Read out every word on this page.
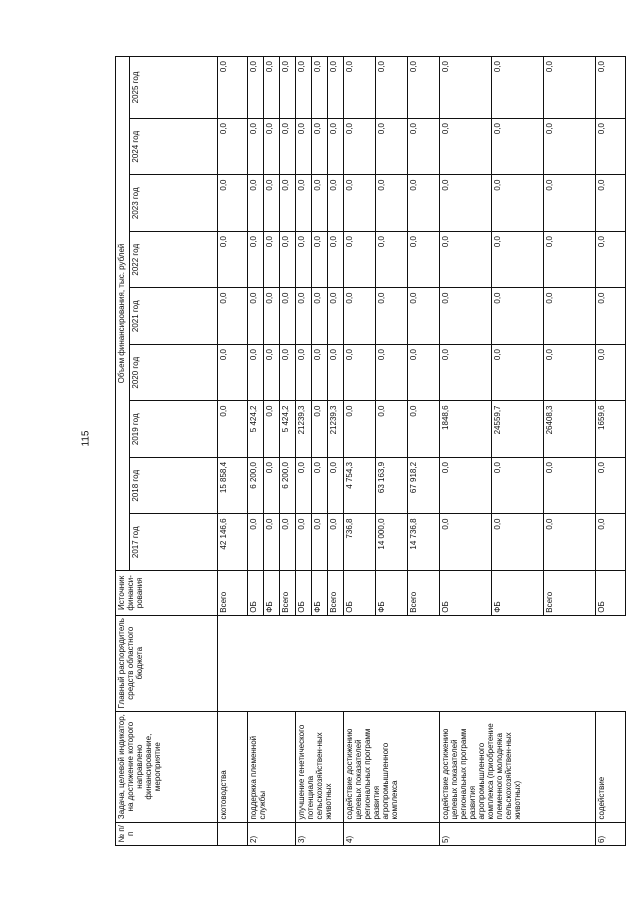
115
№ п/п	Задача, целевой индикатор, на достижение которого направлено финансирование, мероприятие	Главный распорядитель средств областного бюджета	Источник финанси-рования	Объем финансирования, тыс. рублей								
				2017 год	2018 год	2019 год	2020 год	2021 год	2022 год	2023 год	2024 год	2025 год
	скотоводства		Всего	42 146,6	15 858,4	0,0	0,0	0,0	0,0	0,0	0,0	0,0
2)	поддержка племенной службы		ОБ	0,0	6 200,0	5 424,2	0,0	0,0	0,0	0,0	0,0	0,0
			ФБ	0,0	0,0	0,0	0,0	0,0	0,0	0,0	0,0	0,0
			Всего	0,0	6 200,0	5 424,2	0,0	0,0	0,0	0,0	0,0	0,0
3)	улучшение генетического потенциала сельскохозяйствен-ных животных		ОБ	0,0	0,0	21239,3	0,0	0,0	0,0	0,0	0,0	0,0
			ФБ	0,0	0,0	0,0	0,0	0,0	0,0	0,0	0,0	0,0
			Всего	0,0	0,0	21239,3	0,0	0,0	0,0	0,0	0,0	0,0
4)	содействие достижению целевых показателей региональных программ развития агропромышленного комплекса		ОБ	736,8	4 754,3	0,0	0,0	0,0	0,0	0,0	0,0	0,0
			ФБ	14 000,0	63 163,9	0,0	0,0	0,0	0,0	0,0	0,0	0,0
			Всего	14 736,8	67 918,2	0,0	0,0	0,0	0,0	0,0	0,0	0,0
5)	содействие достижению целевых показателей региональных программ развития агропромышленного комплекса (приобретение племенного молодняка сельскохозяйствен-ных животных)		ОБ	0,0	0,0	1848,6	0,0	0,0	0,0	0,0	0,0	0,0
			ФБ	0,0	0,0	24559,7	0,0	0,0	0,0	0,0	0,0	0,0
			Всего	0,0	0,0	26408,3	0,0	0,0	0,0	0,0	0,0	0,0
6)	содействие		ОБ	0,0	0,0	1659,6	0,0	0,0	0,0	0,0	0,0	0,0
